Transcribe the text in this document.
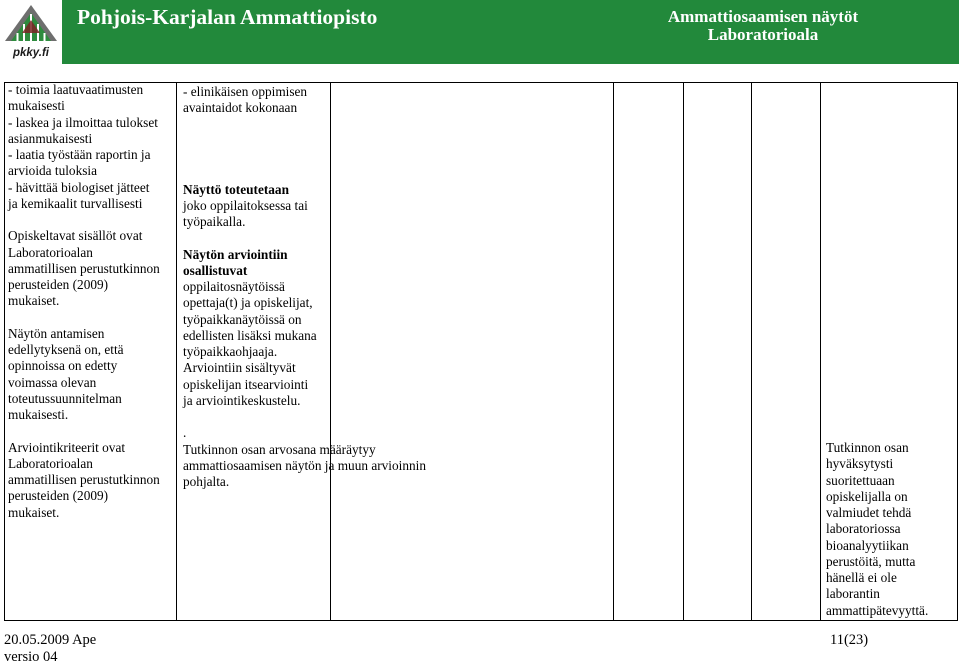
pkky.fi
Pohjois-Karjalan Ammattiopisto	Ammattiosaamisen näytöt
Laboratorioala
- toimia laatuvaatimusten
mukaisesti
- laskea ja ilmoittaa tulokset
asianmukaisesti
- laatia työstään raportin ja
arvioida tuloksia
- hävittää biologiset jätteet
ja kemikaalit turvallisesti
Opiskeltavat sisällöt ovat
Laboratorioalan
ammatillisen perustutkinnon
perusteiden (2009)
mukaiset.
Näytön antamisen
edellytyksenä on, että
opinnoissa on edetty
voimassa olevan
toteutussuunnitelman
mukaisesti.
Arviointikriteerit ovat
Laboratorioalan
ammatillisen perustutkinnon
perusteiden (2009)
mukaiset.
- elinikäisen oppimisen
avaintaidot kokonaan
Näyttö toteutetaan
joko oppilaitoksessa tai
työpaikalla.
Näytön arviointiin
osallistuvat
oppilaitosnäytöissä
opettaja(t) ja opiskelijat,
työpaikkanäytöissä on
edellisten lisäksi mukana
työpaikkaohjaaja.
Arviointiin sisältyvät
opiskelijan itsearviointi
ja arviointikeskustelu.
.
Tutkinnon osan arvosana määräytyy
ammattiosaamisen näytön ja muun arvioinnin
pohjalta.
Tutkinnon osan
hyväksytysti
suoritettuaan
opiskelijalla on
valmiudet tehdä
laboratoriossa
bioanalyytiikan
perustöitä, mutta
hänellä ei ole
laborantin
ammattipätevyyttä.
20.05.2009 Ape
versio 04
11(23)
